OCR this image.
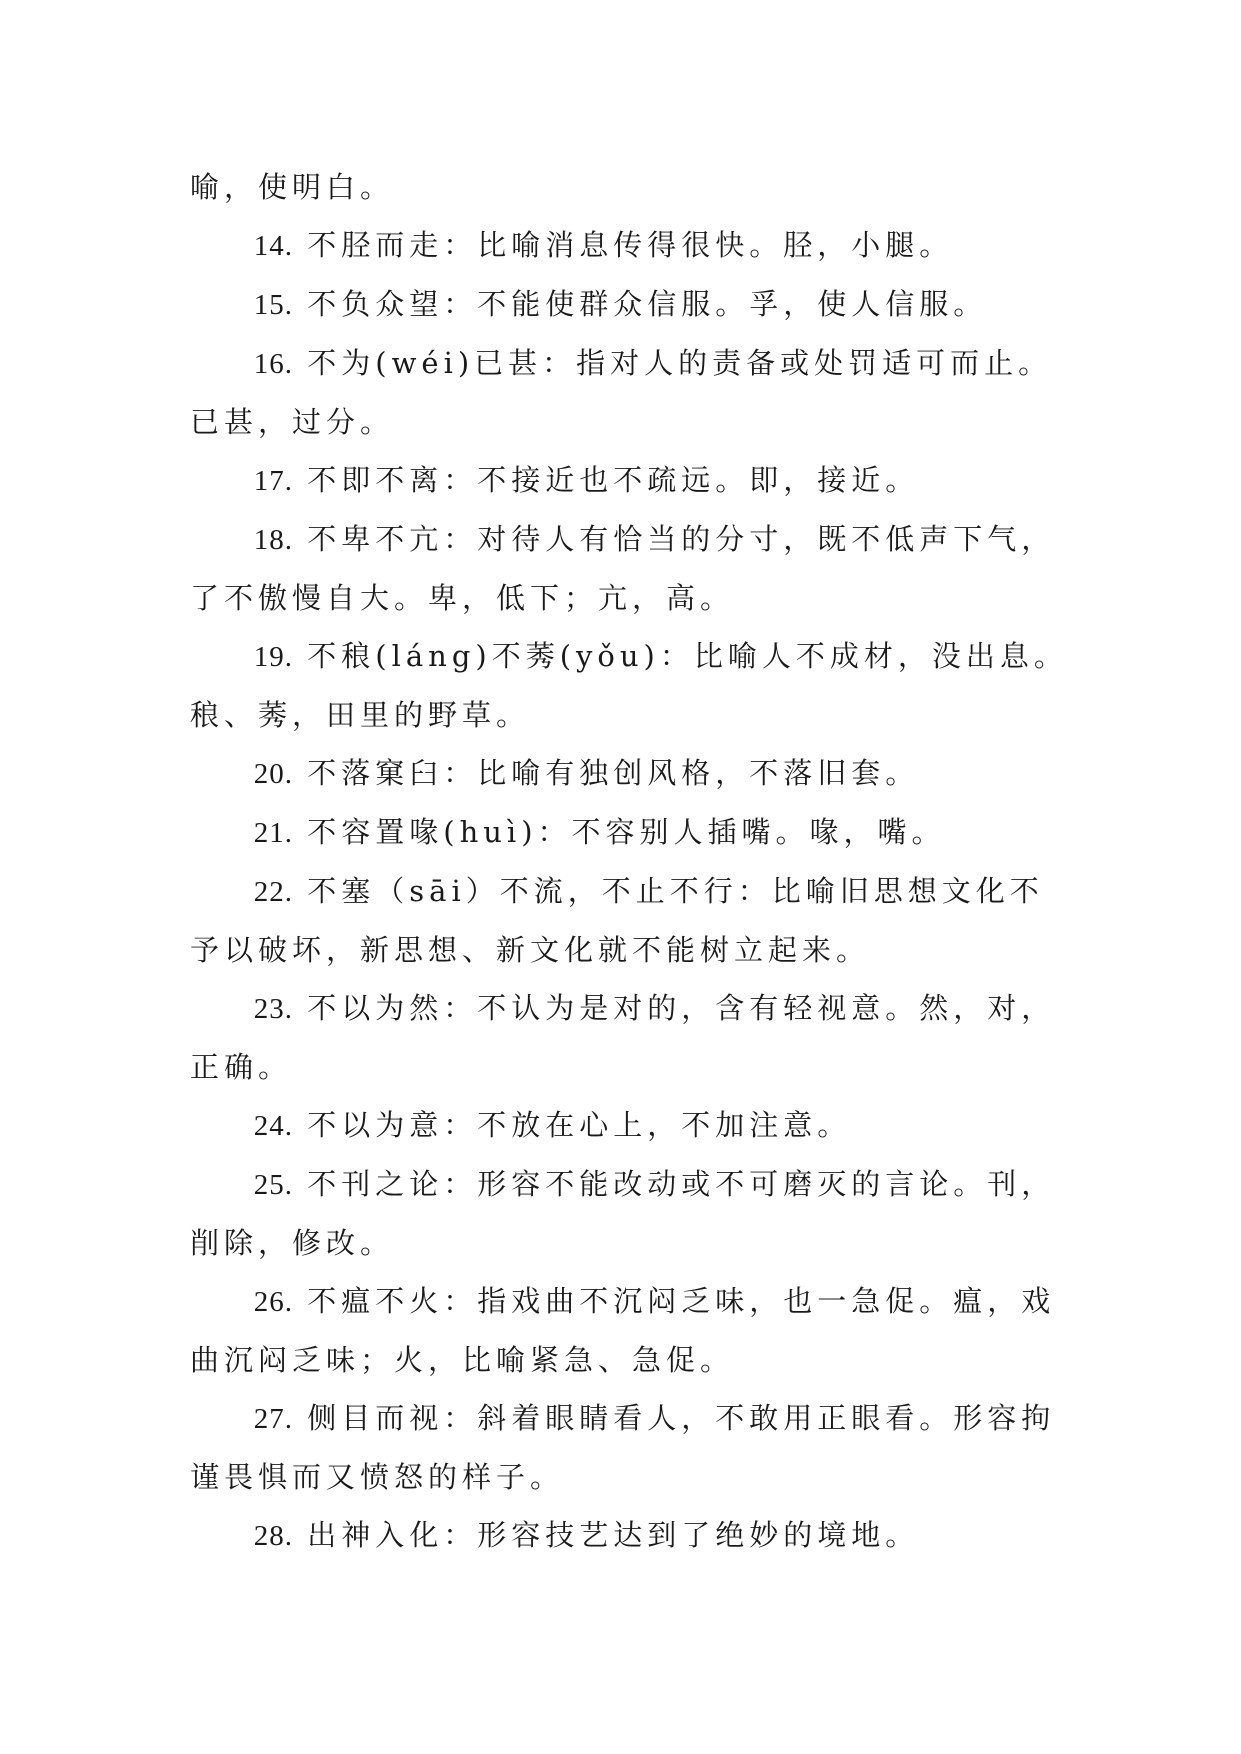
喻，使明白。

14. 不胫而走：比喻消息传得很快。胫，小腿。

15. 不负众望：不能使群众信服。孚，使人信服。

16. 不为(wéi)已甚：指对人的责备或处罚适可而止。已甚，过分。

17. 不即不离：不接近也不疏远。即，接近。

18. 不卑不亢：对待人有恰当的分寸，既不低声下气，了不傲慢自大。卑，低下；亢，高。

19. 不稂(láng)不莠(yǒu)：比喻人不成材，没出息。稂、莠，田里的野草。

20. 不落窠臼：比喻有独创风格，不落旧套。

21. 不容置喙(huì)：不容别人插嘴。喙，嘴。

22. 不塞（sāi）不流，不止不行：比喻旧思想文化不予以破坏，新思想、新文化就不能树立起来。

23. 不以为然：不认为是对的，含有轻视意。然，对，正确。

24. 不以为意：不放在心上，不加注意。

25. 不刊之论：形容不能改动或不可磨灭的言论。刊，削除，修改。

26. 不瘟不火：指戏曲不沉闷乏味，也一急促。瘟，戏曲沉闷乏味；火，比喻紧急、急促。

27. 侧目而视：斜着眼睛看人，不敢用正眼看。形容拘谨畏惧而又愤怒的样子。

28. 出神入化：形容技艺达到了绝妙的境地。
